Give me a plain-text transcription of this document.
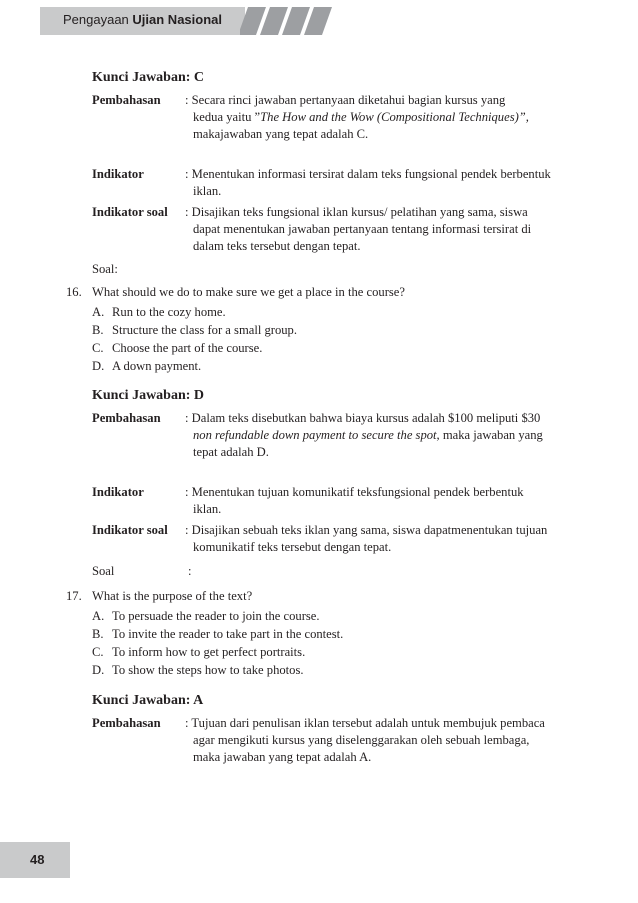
Pengayaan Ujian Nasional
Kunci Jawaban: C
Pembahasan : Secara rinci jawaban pertanyaan diketahui bagian kursus yang
kedua yaitu ”The How and the Wow (Compositional Techniques)”,
makajawaban yang tepat adalah C.
Indikator	: Menentukan informasi tersirat dalam teks fungsional pendek berbentuk
iklan.
Indikator soal : Disajikan teks fungsional iklan kursus/ pelatihan yang sama, siswa
dapat menentukan jawaban pertanyaan tentang informasi tersirat di
dalam teks tersebut dengan tepat.
Soal:
16. What should we do to make sure we get a place in the course?
A. Run to the cozy home.
B. Structure the class for a small group.
C. Choose the part of the course.
D. A down payment.
Kunci Jawaban: D
Pembahasan : Dalam teks disebutkan bahwa biaya kursus adalah $100 meliputi $30
non refundable down payment to secure the spot, maka jawaban yang
tepat adalah D.
Indikator	: Menentukan tujuan komunikatif teksfungsional pendek berbentuk
iklan.
Indikator soal : Disajikan sebuah teks iklan yang sama, siswa dapatmenentukan tujuan
komunikatif teks tersebut dengan tepat.
Soal	:
17. What is the purpose of the text?
A. To persuade the reader to join the course.
B. To invite the reader to take part in the contest.
C. To inform how to get perfect portraits.
D. To show the steps how to take photos.
Kunci Jawaban: A
Pembahasan : Tujuan dari penulisan iklan tersebut adalah untuk membujuk pembaca
agar mengikuti kursus yang diselenggarakan oleh sebuah lembaga,
maka jawaban yang tepat adalah A.
48
